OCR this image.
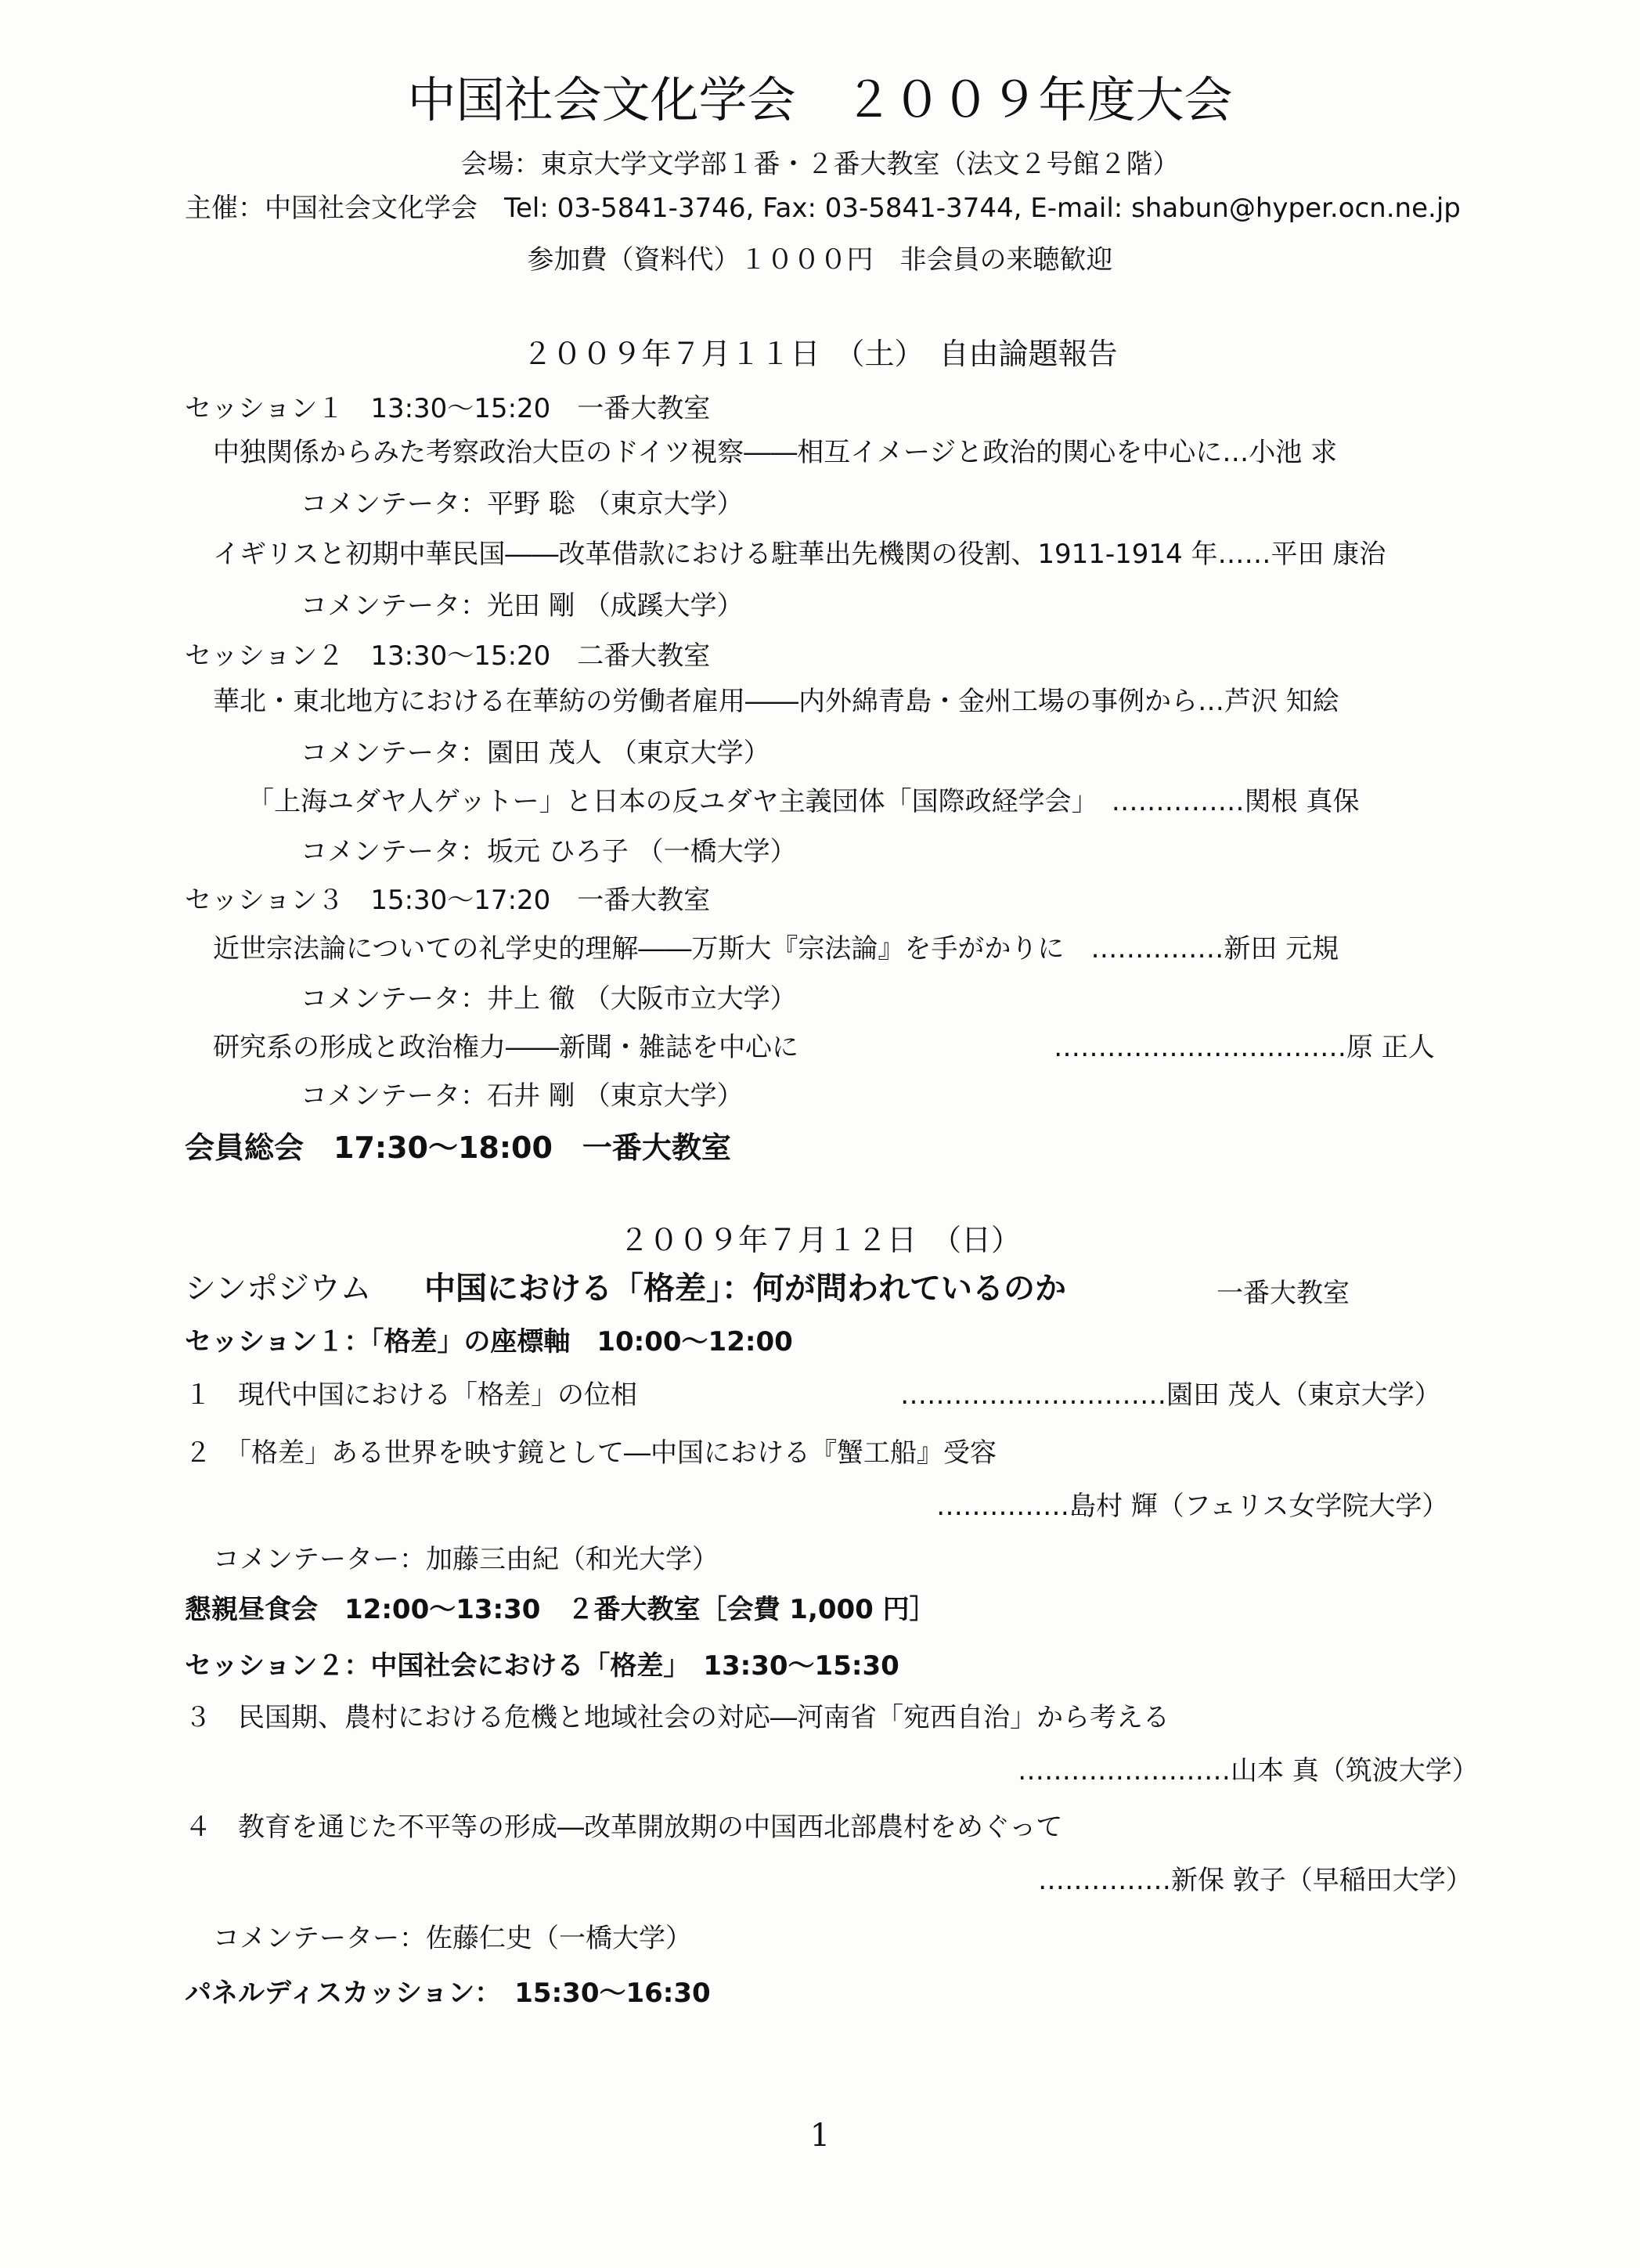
中国社会文化学会　２００９年度大会
会場：東京大学文学部１番・２番大教室（法文２号館２階）
主催：中国社会文化学会　Tel: 03-5841-3746, Fax: 03-5841-3744, E-mail: shabun@hyper.ocn.ne.jp
参加費（資料代）１０００円　非会員の来聴歓迎
２００９年７月１１日　（土）　自由論題報告
セッション１　13:30〜15:20　一番大教室
中独関係からみた考察政治大臣のドイツ視察――相互イメージと政治的関心を中心に…小池 求
コメンテータ：平野 聡 （東京大学）
イギリスと初期中華民国――改革借款における駐華出先機関の役割、1911-1914 年……平田 康治
コメンテータ：光田 剛 （成蹊大学）
セッション２　13:30〜15:20　二番大教室
華北・東北地方における在華紡の労働者雇用――内外綿青島・金州工場の事例から…芦沢 知絵
コメンテータ：園田 茂人 （東京大学）
「上海ユダヤ人ゲットー」と日本の反ユダヤ主義団体「国際政経学会」　……………関根 真保
コメンテータ：坂元 ひろ子 （一橋大学）
セッション３　15:30〜17:20　一番大教室
近世宗法論についての礼学史的理解――万斯大『宗法論』を手がかりに　……………新田 元規
コメンテータ：井上 徹 （大阪市立大学）
研究系の形成と政治権力――新聞・雑誌を中心に	……………………………原 正人
コメンテータ：石井 剛 （東京大学）
会員総会　17:30〜18:00　一番大教室
２００９年７月１２日　（日）
シンポジウム 中国における「格差」：何が問われているのか	一番大教室
セッション１：「格差」の座標軸　10:00〜12:00
１　現代中国における「格差」の位相	…………………………園田 茂人（東京大学）
２　「格差」ある世界を映す鏡として―中国における『蟹工船』受容
……………島村 輝（フェリス女学院大学）
コメンテーター：加藤三由紀（和光大学）
懇親昼食会　12:00〜13:30　２番大教室［会費 1,000 円］
セッション２：中国社会における「格差」　13:30〜15:30
３　民国期、農村における危機と地域社会の対応―河南省「宛西自治」から考える
……………………山本 真（筑波大学）
４　教育を通じた不平等の形成―改革開放期の中国西北部農村をめぐって
……………新保 敦子（早稲田大学）
コメンテーター：佐藤仁史（一橋大学）
パネルディスカッション：　15:30〜16:30
1
